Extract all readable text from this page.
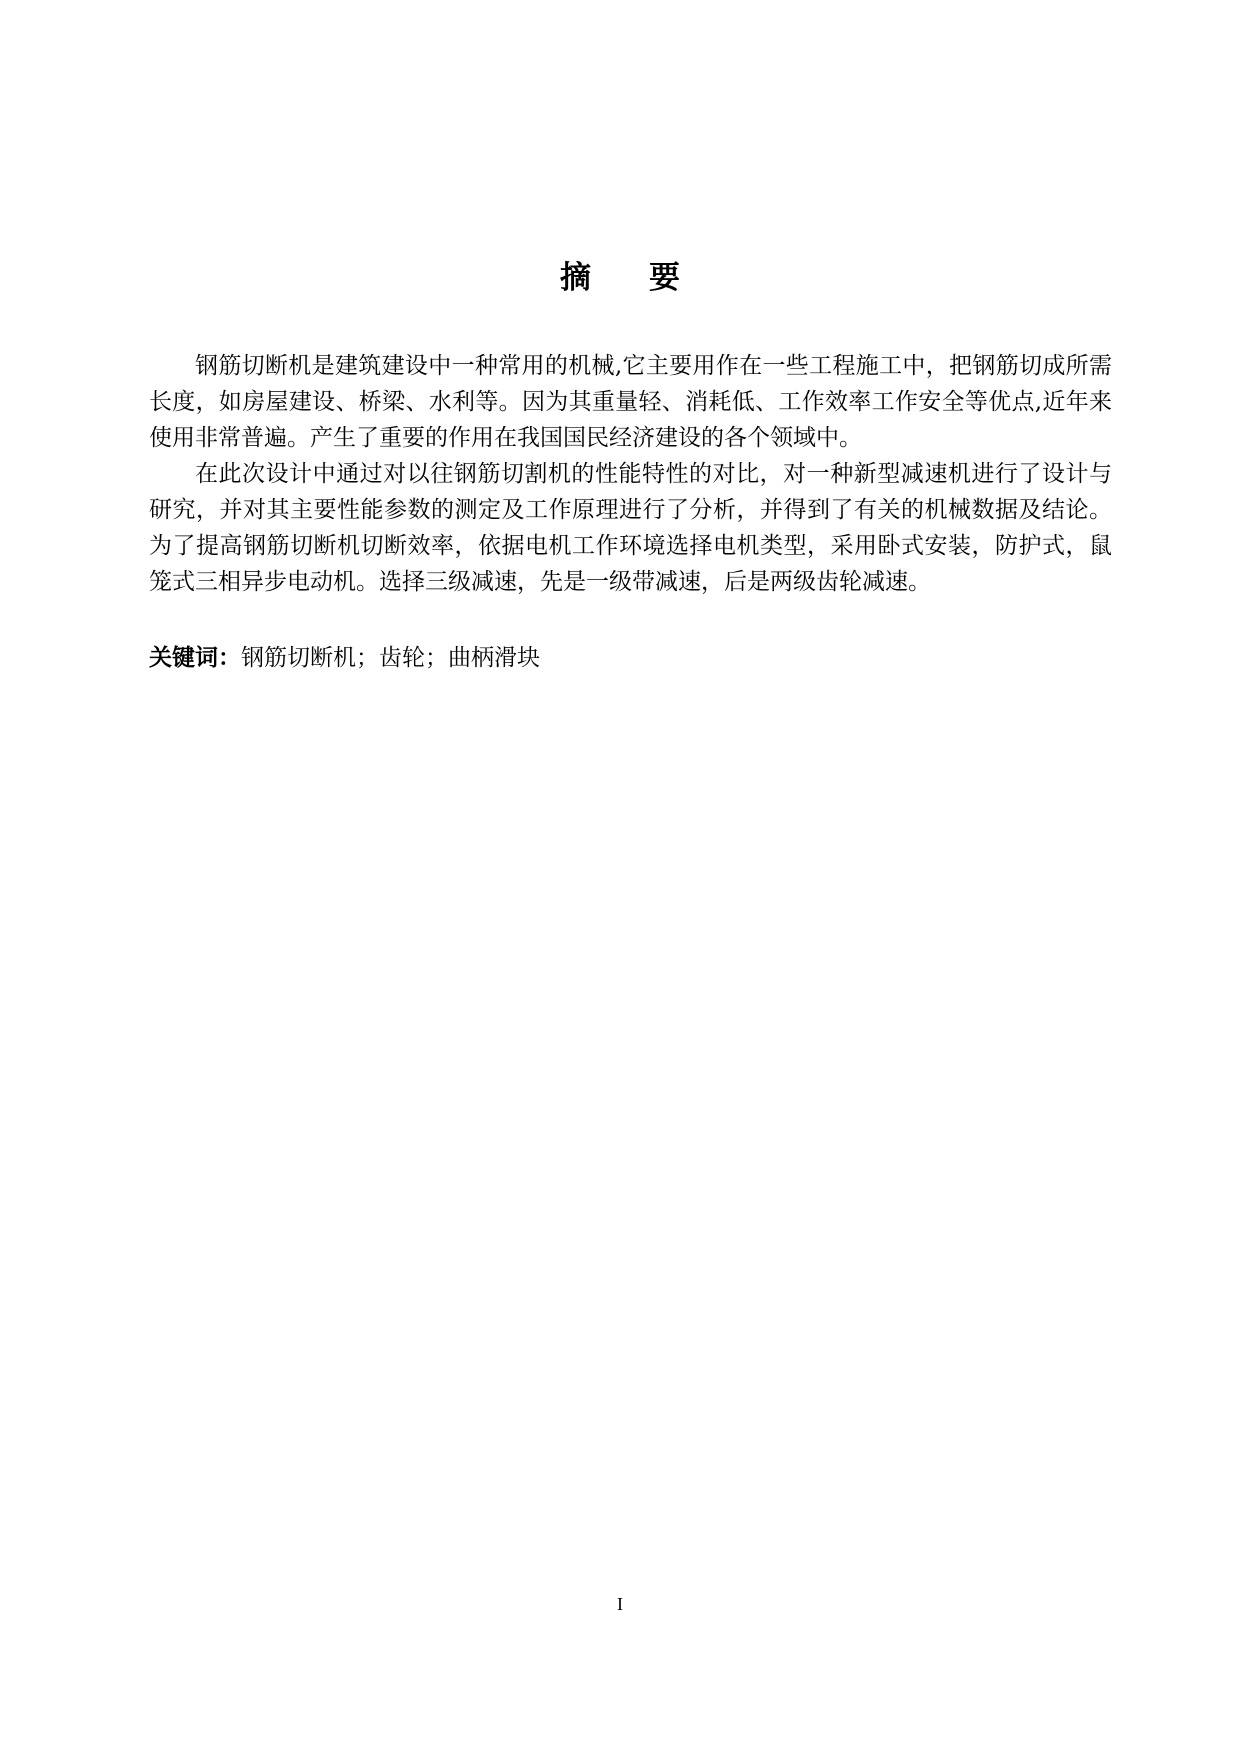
摘要

钢筋切断机是建筑建设中一种常用的机械,它主要用作在一些工程施工中，把钢筋切成所需长度，如房屋建设、桥梁、水利等。因为其重量轻、消耗低、工作效率工作安全等优点,近年来使用非常普遍。产生了重要的作用在我国国民经济建设的各个领域中。

在此次设计中通过对以往钢筋切割机的性能特性的对比，对一种新型减速机进行了设计与研究，并对其主要性能参数的测定及工作原理进行了分析，并得到了有关的机械数据及结论。为了提高钢筋切断机切断效率，依据电机工作环境选择电机类型，采用卧式安装，防护式，鼠笼式三相异步电动机。选择三级减速，先是一级带减速，后是两级齿轮减速。

关键词：钢筋切断机；齿轮；曲柄滑块
I
